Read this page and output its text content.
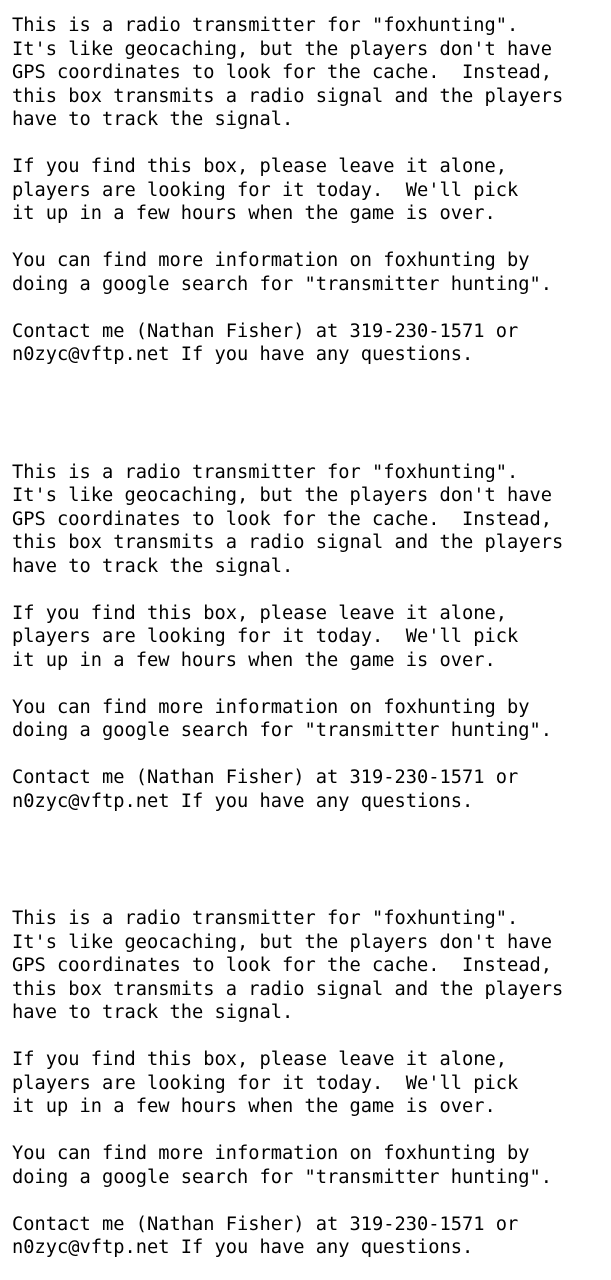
This is a radio transmitter for "foxhunting".
It's like geocaching, but the players don't have
GPS coordinates to look for the cache.  Instead,
this box transmits a radio signal and the players
have to track the signal.

If you find this box, please leave it alone,
players are looking for it today.  We'll pick
it up in a few hours when the game is over.

You can find more information on foxhunting by
doing a google search for "transmitter hunting".

Contact me (Nathan Fisher) at 319-230-1571 or
n0zyc@vftp.net If you have any questions.

This is a radio transmitter for "foxhunting".
It's like geocaching, but the players don't have
GPS coordinates to look for the cache.  Instead,
this box transmits a radio signal and the players
have to track the signal.

If you find this box, please leave it alone,
players are looking for it today.  We'll pick
it up in a few hours when the game is over.

You can find more information on foxhunting by
doing a google search for "transmitter hunting".

Contact me (Nathan Fisher) at 319-230-1571 or
n0zyc@vftp.net If you have any questions.

This is a radio transmitter for "foxhunting".
It's like geocaching, but the players don't have
GPS coordinates to look for the cache.  Instead,
this box transmits a radio signal and the players
have to track the signal.

If you find this box, please leave it alone,
players are looking for it today.  We'll pick
it up in a few hours when the game is over.

You can find more information on foxhunting by
doing a google search for "transmitter hunting".

Contact me (Nathan Fisher) at 319-230-1571 or
n0zyc@vftp.net If you have any questions.
